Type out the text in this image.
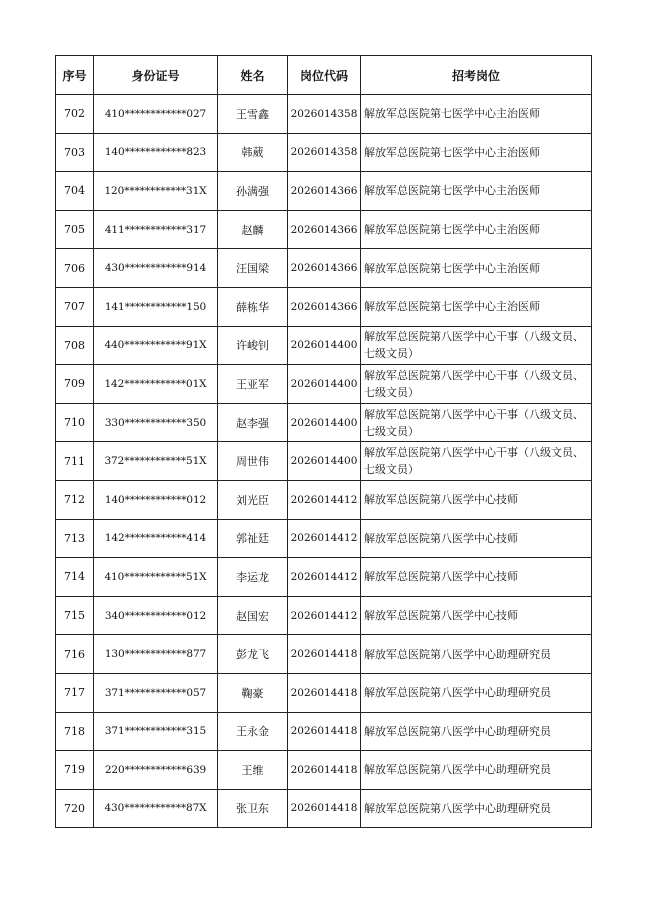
序号	身份证号	姓名	岗位代码	招考岗位
702	410************027	王雪鑫	2026014358	解放军总医院第七医学中心主治医师
703	140************823	韩葳	2026014358	解放军总医院第七医学中心主治医师
704	120************31X	孙满强	2026014366	解放军总医院第七医学中心主治医师
705	411************317	赵麟	2026014366	解放军总医院第七医学中心主治医师
706	430************914	汪国梁	2026014366	解放军总医院第七医学中心主治医师
707	141************150	薛栋华	2026014366	解放军总医院第七医学中心主治医师
708	440************91X	许峻钊	2026014400	解放军总医院第八医学中心干事（八级文员、七级文员）
709	142************01X	王亚军	2026014400	解放军总医院第八医学中心干事（八级文员、七级文员）
710	330************350	赵李强	2026014400	解放军总医院第八医学中心干事（八级文员、七级文员）
711	372************51X	周世伟	2026014400	解放军总医院第八医学中心干事（八级文员、七级文员）
712	140************012	刘光臣	2026014412	解放军总医院第八医学中心技师
713	142************414	郭祉廷	2026014412	解放军总医院第八医学中心技师
714	410************51X	李运龙	2026014412	解放军总医院第八医学中心技师
715	340************012	赵国宏	2026014412	解放军总医院第八医学中心技师
716	130************877	彭龙飞	2026014418	解放军总医院第八医学中心助理研究员
717	371************057	鞠豪	2026014418	解放军总医院第八医学中心助理研究员
718	371************315	王永金	2026014418	解放军总医院第八医学中心助理研究员
719	220************639	王维	2026014418	解放军总医院第八医学中心助理研究员
720	430************87X	张卫东	2026014418	解放军总医院第八医学中心助理研究员
